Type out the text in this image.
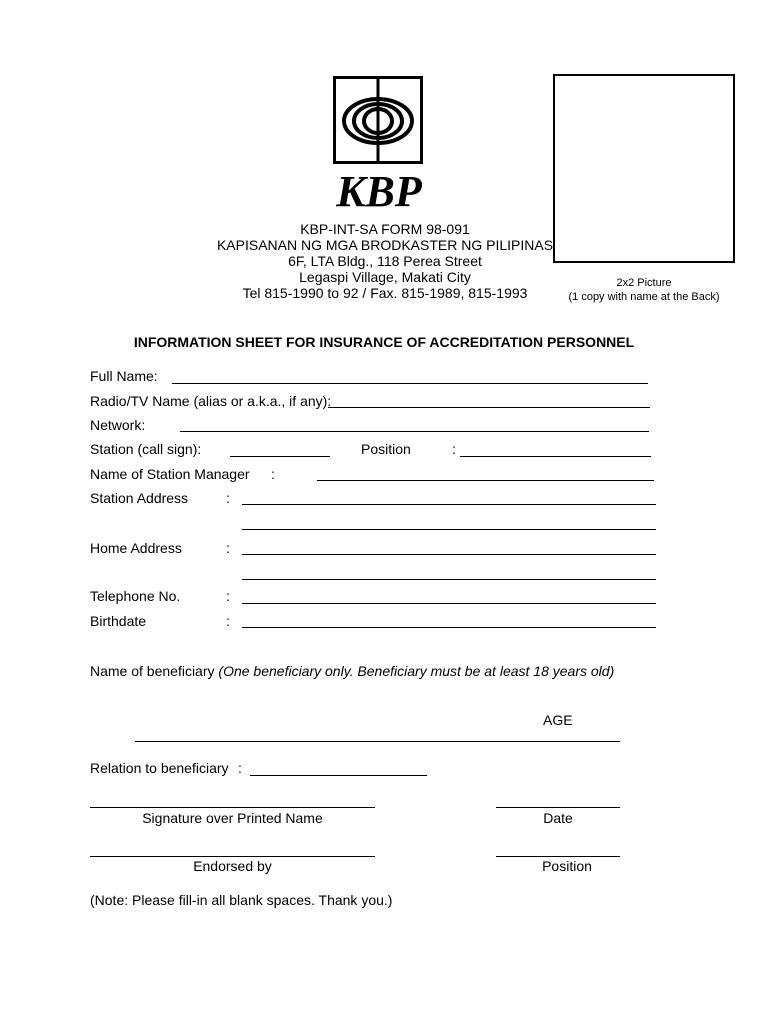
KBP
KBP-INT-SA FORM 98-091
KAPISANAN NG MGA BRODKASTER NG PILIPINAS
6F, LTA Bldg., 118 Perea Street
Legaspi Village, Makati City
Tel 815-1990 to 92 / Fax. 815-1989, 815-1993
2x2 Picture
(1 copy with name at the Back)
INFORMATION SHEET FOR INSURANCE OF ACCREDITATION PERSONNEL
Full Name:
Radio/TV Name (alias or a.k.a., if any):
Network:
Station (call sign):	Position	:
Name of Station Manager :
Station Address	:
Home Address	:
Telephone No.	:
Birthdate	:
Name of beneficiary (One beneficiary only. Beneficiary must be at least 18 years old)
AGE
Relation to beneficiary :
Signature over Printed Name	Date
Endorsed by	Position
(Note: Please fill-in all blank spaces. Thank you.)
